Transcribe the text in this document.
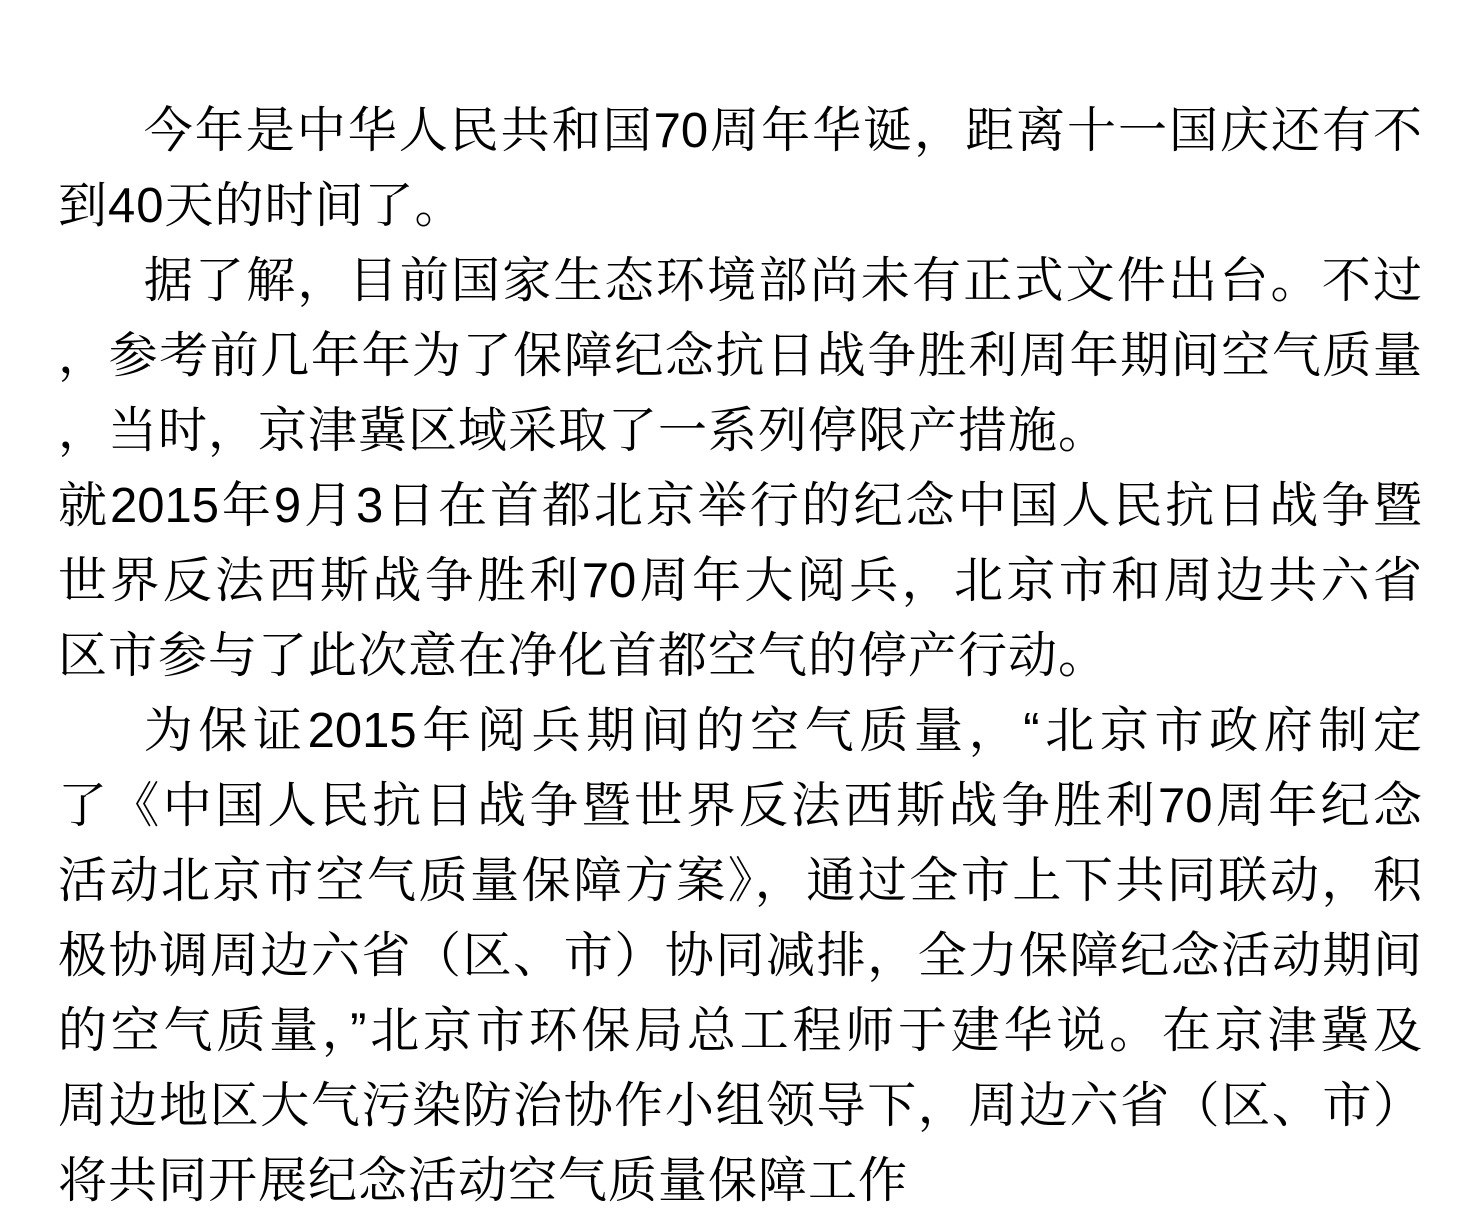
今年是中华人民共和国70周年华诞，距离十一国庆还有不
到40天的时间了。
据了解，目前国家生态环境部尚未有正式文件出台。不过
，参考前几年年为了保障纪念抗日战争胜利周年期间空气质量
，当时，京津冀区域采取了一系列停限产措施。
就2015年9月3日在首都北京举行的纪念中国人民抗日战争暨
世界反法西斯战争胜利70周年大阅兵，北京市和周边共六省
区市参与了此次意在净化首都空气的停产行动。
为保证2015年阅兵期间的空气质量，“北京市政府制定
了《中国人民抗日战争暨世界反法西斯战争胜利70周年纪念
活动北京市空气质量保障方案》，通过全市上下共同联动，积
极协调周边六省（区、市）协同减排，全力保障纪念活动期间
的空气质量，”北京市环保局总工程师于建华说。在京津冀及
周边地区大气污染防治协作小组领导下，周边六省（区、市）
将共同开展纪念活动空气质量保障工作
